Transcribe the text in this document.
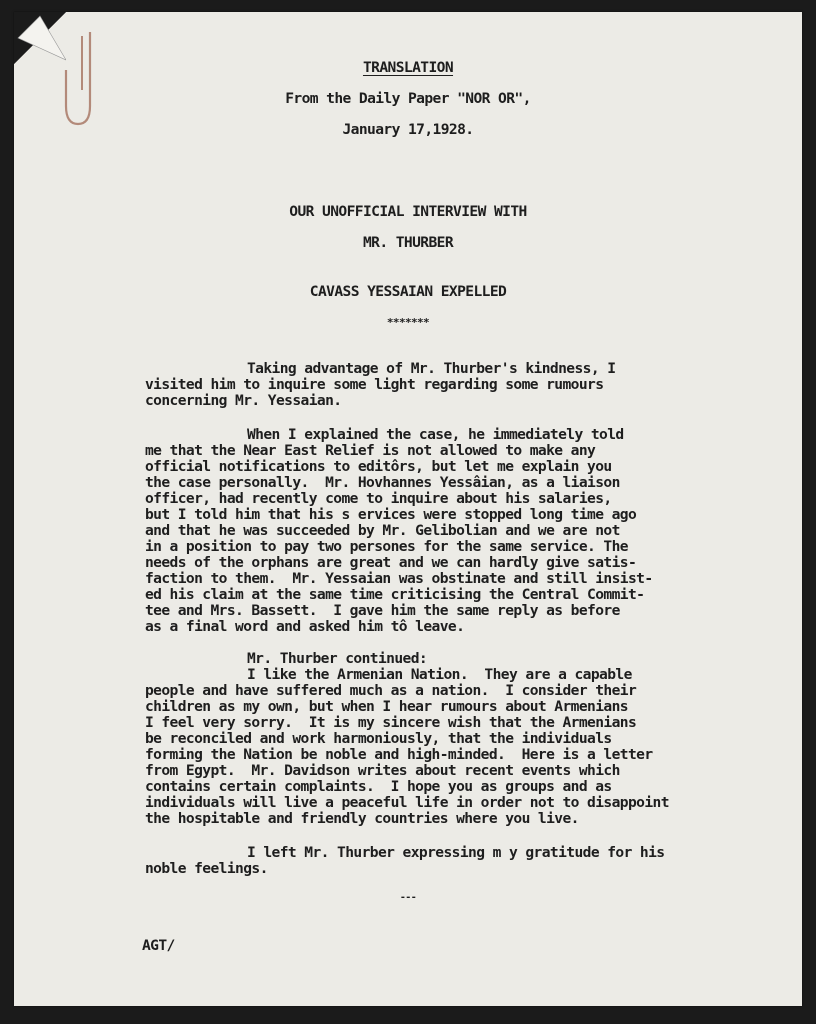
TRANSLATION
From the Daily Paper "NOR OR",
January 17,1928.
OUR UNOFFICIAL INTERVIEW WITH
MR. THURBER
CAVASS YESSAIAN EXPELLED
*******
Taking advantage of Mr. Thurber's kindness, I
visited him to inquire some light regarding some rumours
concerning Mr. Yessaian.
When I explained the case, he immediately told
me that the Near East Relief is not allowed to make any
official notifications to editôrs, but let me explain you
the case personally.  Mr. Hovhannes Yessâian, as a liaison
officer, had recently come to inquire about his salaries,
but I told him that his s ervices were stopped long time ago
and that he was succeeded by Mr. Gelibolian and we are not
in a position to pay two persones for the same service. The
needs of the orphans are great and we can hardly give satis-
faction to them.  Mr. Yessaian was obstinate and still insist-
ed his claim at the same time criticising the Central Commit-
tee and Mrs. Bassett.  I gave him the same reply as before
as a final word and asked him tô leave.
Mr. Thurber continued:
I like the Armenian Nation.  They are a capable
people and have suffered much as a nation.  I consider their
children as my own, but when I hear rumours about Armenians
I feel very sorry.  It is my sincere wish that the Armenians
be reconciled and work harmoniously, that the individuals
forming the Nation be noble and high-minded.  Here is a letter
from Egypt.  Mr. Davidson writes about recent events which
contains certain complaints.  I hope you as groups and as
individuals will live a peaceful life in order not to disappoint
the hospitable and friendly countries where you live.
I left Mr. Thurber expressing m y gratitude for his
noble feelings.
---
AGT/
